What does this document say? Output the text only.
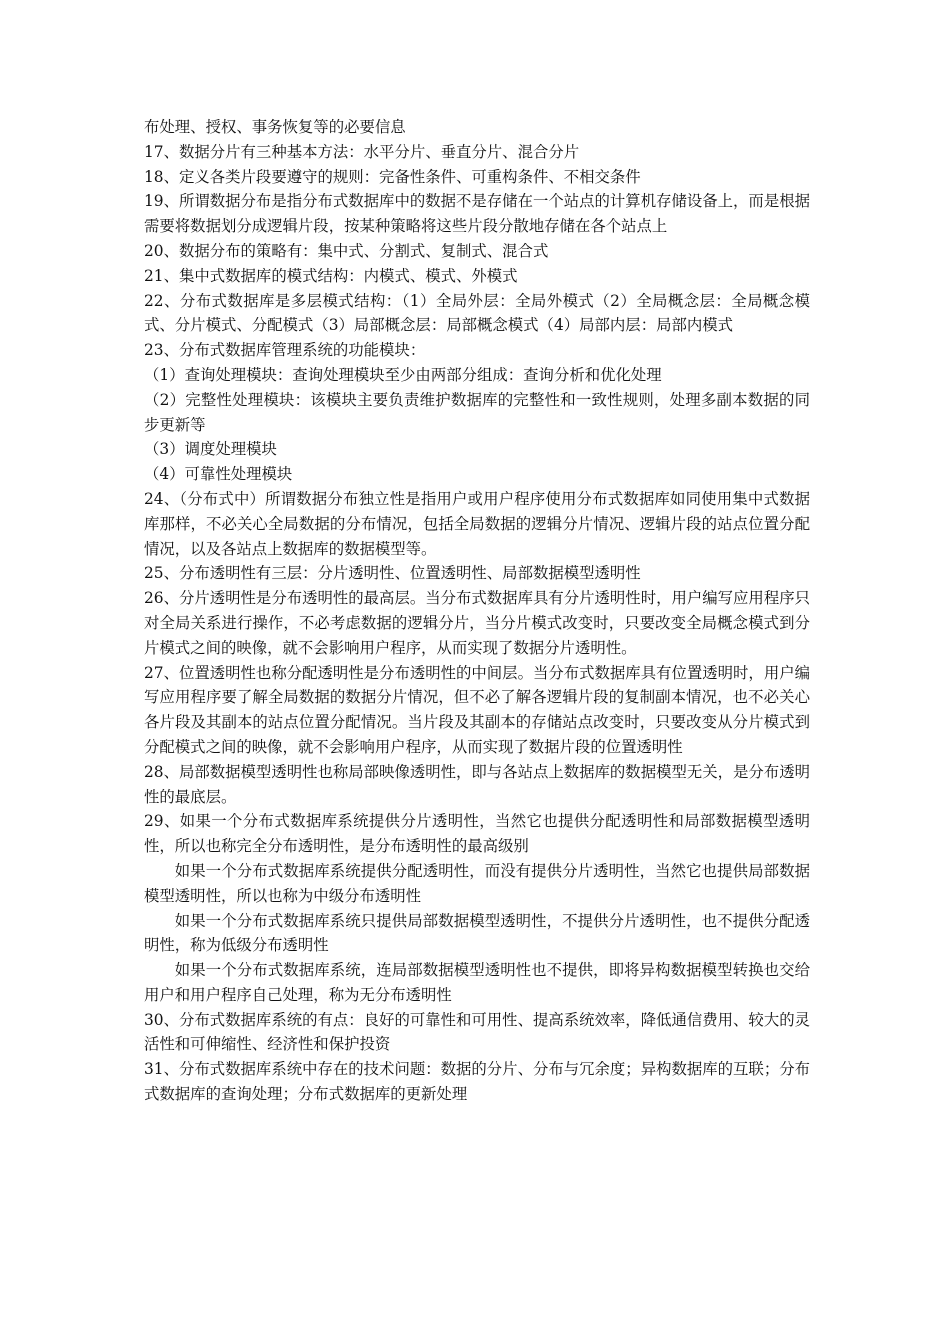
布处理、授权、事务恢复等的必要信息

17、数据分片有三种基本方法：水平分片、垂直分片、混合分片

18、定义各类片段要遵守的规则：完备性条件、可重构条件、不相交条件

19、所谓数据分布是指分布式数据库中的数据不是存储在一个站点的计算机存储设备上，而是根据需要将数据划分成逻辑片段，按某种策略将这些片段分散地存储在各个站点上

20、数据分布的策略有：集中式、分割式、复制式、混合式

21、集中式数据库的模式结构：内模式、模式、外模式

22、分布式数据库是多层模式结构：（1）全局外层：全局外模式（2）全局概念层：全局概念模式、分片模式、分配模式（3）局部概念层：局部概念模式（4）局部内层：局部内模式

23、分布式数据库管理系统的功能模块：

（1）查询处理模块：查询处理模块至少由两部分组成：查询分析和优化处理

（2）完整性处理模块：该模块主要负责维护数据库的完整性和一致性规则，处理多副本数据的同步更新等

（3）调度处理模块

（4）可靠性处理模块

24、（分布式中）所谓数据分布独立性是指用户或用户程序使用分布式数据库如同使用集中式数据库那样，不必关心全局数据的分布情况，包括全局数据的逻辑分片情况、逻辑片段的站点位置分配情况，以及各站点上数据库的数据模型等。

25、分布透明性有三层：分片透明性、位置透明性、局部数据模型透明性

26、分片透明性是分布透明性的最高层。当分布式数据库具有分片透明性时，用户编写应用程序只对全局关系进行操作，不必考虑数据的逻辑分片，当分片模式改变时，只要改变全局概念模式到分片模式之间的映像，就不会影响用户程序，从而实现了数据分片透明性。

27、位置透明性也称分配透明性是分布透明性的中间层。当分布式数据库具有位置透明时，用户编写应用程序要了解全局数据的数据分片情况，但不必了解各逻辑片段的复制副本情况，也不必关心各片段及其副本的站点位置分配情况。当片段及其副本的存储站点改变时，只要改变从分片模式到分配模式之间的映像，就不会影响用户程序，从而实现了数据片段的位置透明性

28、局部数据模型透明性也称局部映像透明性，即与各站点上数据库的数据模型无关，是分布透明性的最底层。

29、如果一个分布式数据库系统提供分片透明性，当然它也提供分配透明性和局部数据模型透明性，所以也称完全分布透明性，是分布透明性的最高级别

如果一个分布式数据库系统提供分配透明性，而没有提供分片透明性，当然它也提供局部数据模型透明性，所以也称为中级分布透明性

如果一个分布式数据库系统只提供局部数据模型透明性，不提供分片透明性，也不提供分配透明性，称为低级分布透明性

如果一个分布式数据库系统，连局部数据模型透明性也不提供，即将异构数据模型转换也交给用户和用户程序自己处理，称为无分布透明性

30、分布式数据库系统的有点：良好的可靠性和可用性、提高系统效率，降低通信费用、较大的灵活性和可伸缩性、经济性和保护投资

31、分布式数据库系统中存在的技术问题：数据的分片、分布与冗余度；异构数据库的互联；分布式数据库的查询处理；分布式数据库的更新处理
